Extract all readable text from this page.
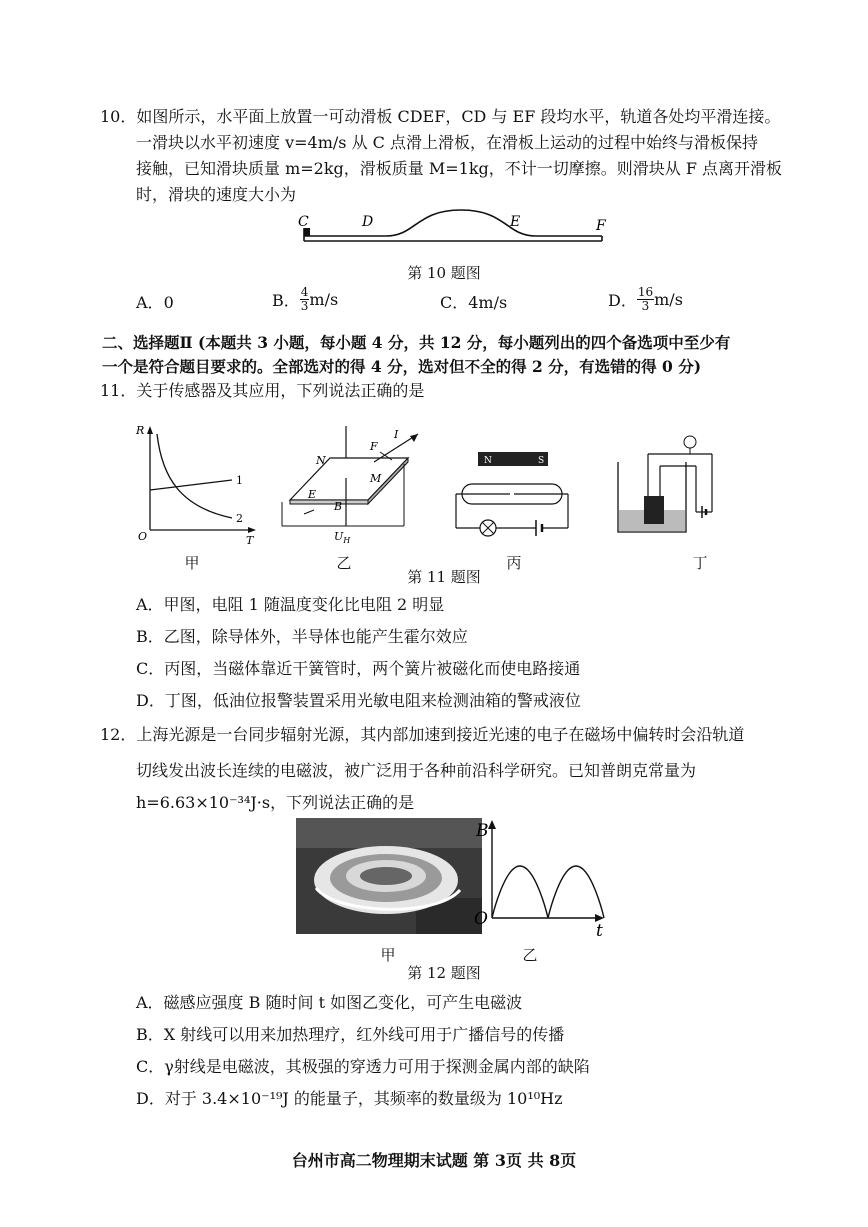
10．如图所示，水平面上放置一可动滑板 CDEF，CD 与 EF 段均水平，轨道各处均平滑连接。
一滑块以水平初速度 v=4m/s 从 C 点滑上滑板，在滑板上运动的过程中始终与滑板保持
接触，已知滑块质量 m=2kg，滑板质量 M=1kg，不计一切摩擦。则滑块从 F 点离开滑板
时，滑块的速度大小为
C	D	E	F
第 10 题图
A．0	B． $\frac{4}{3} m/s$	C．4m/s	D． $\frac{16}{3} m/s$
二、选择题Ⅱ (本题共 3 小题，每小题 4 分，共 12 分，每小题列出的四个备选项中至少有
一个是符合题目要求的。全部选对的得 4 分，选对但不全的得 2 分，有选错的得 0 分)
11．关于传感器及其应用，下列说法正确的是
R
O	T
1
2
甲
N
M
E
B
F
I
$U_H$
乙
N	S
丙	丁
第 11 题图
A．甲图，电阻 1 随温度变化比电阻 2 明显
B．乙图，除导体外，半导体也能产生霍尔效应
C．丙图，当磁体靠近干簧管时，两个簧片被磁化而使电路接通
D．丁图，低油位报警装置采用光敏电阻来检测油箱的警戒液位
12．上海光源是一台同步辐射光源，其内部加速到接近光速的电子在磁场中偏转时会沿轨道
切线发出波长连续的电磁波，被广泛用于各种前沿科学研究。已知普朗克常量为
h=6.63×10⁻³⁴J·s，下列说法正确的是
B
O
t
甲	乙
第 12 题图
A．磁感应强度 B 随时间 t 如图乙变化，可产生电磁波
B．X 射线可以用来加热理疗，红外线可用于广播信号的传播
C．γ射线是电磁波，其极强的穿透力可用于探测金属内部的缺陷
D．对于 3.4×10⁻¹⁹J 的能量子，其频率的数量级为 10¹⁰Hz
台州市高二物理期末试题 第 3页 共 8页
